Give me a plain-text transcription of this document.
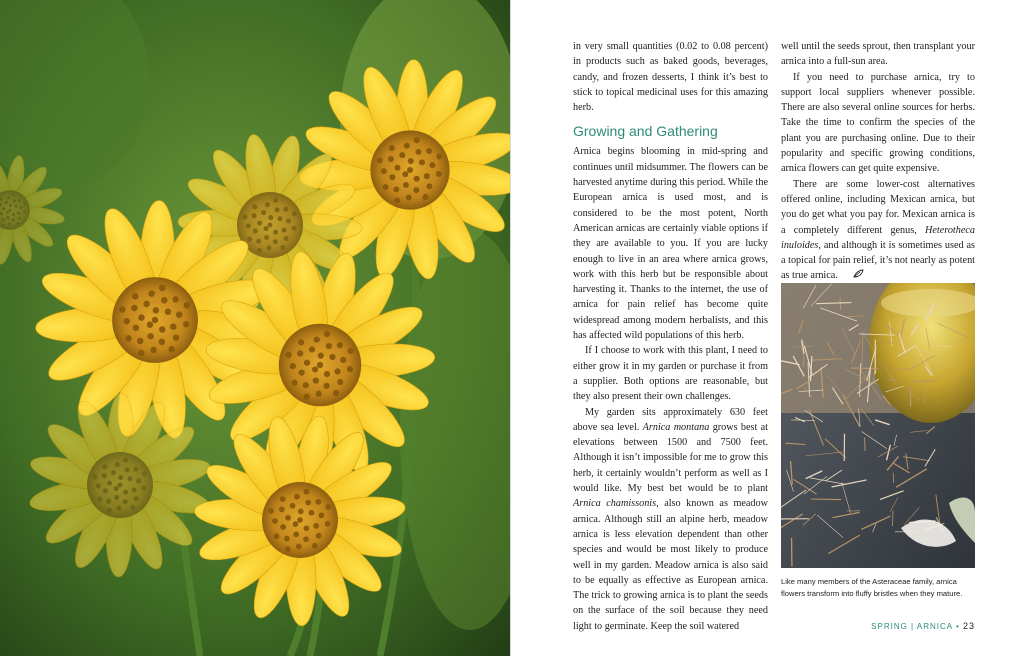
in very small quantities (0.02 to 0.08 percent) in products such as baked goods, beverages, candy, and frozen desserts, I think it’s best to stick to topical medicinal uses for this amazing herb.

Growing and Gathering

Arnica begins blooming in mid-spring and continues until midsummer. The flowers can be harvested anytime during this period. While the European arnica is used most, and is considered to be the most potent, North American arnicas are certainly viable options if they are available to you. If you are lucky enough to live in an area where arnica grows, work with this herb but be responsible about harvesting it. Thanks to the internet, the use of arnica for pain relief has become quite widespread among modern herbalists, and this has affected wild populations of this herb.

If I choose to work with this plant, I need to either grow it in my garden or purchase it from a supplier. Both options are reasonable, but they also present their own challenges.

My garden sits approximately 630 feet above sea level. Arnica montana grows best at elevations between 1500 and 7500 feet. Although it isn’t impossible for me to grow this herb, it certainly wouldn’t perform as well as I would like. My best bet would be to plant Arnica chamissonis, also known as meadow arnica. Although still an alpine herb, meadow arnica is less elevation dependent than other species and would be most likely to produce well in my garden. Meadow arnica is also said to be equally as effective as European arnica. The trick to growing arnica is to plant the seeds on the surface of the soil because they need light to germinate. Keep the soil watered

well until the seeds sprout, then transplant your arnica into a full-sun area.

If you need to purchase arnica, try to support local suppliers whenever possible. There are also several online sources for herbs. Take the time to confirm the species of the plant you are purchasing online. Due to their popularity and specific growing conditions, arnica flowers can get quite expensive.

There are some lower-cost alternatives offered online, including Mexican arnica, but you do get what you pay for. Mexican arnica is a completely different genus, Heterotheca inuloides, and although it is sometimes used as a topical for pain relief, it’s not nearly as potent as true arnica.

Like many members of the Asteraceae family, arnica flowers transform into fluffy bristles when they mature.
SPRING | ARNICA • 23
